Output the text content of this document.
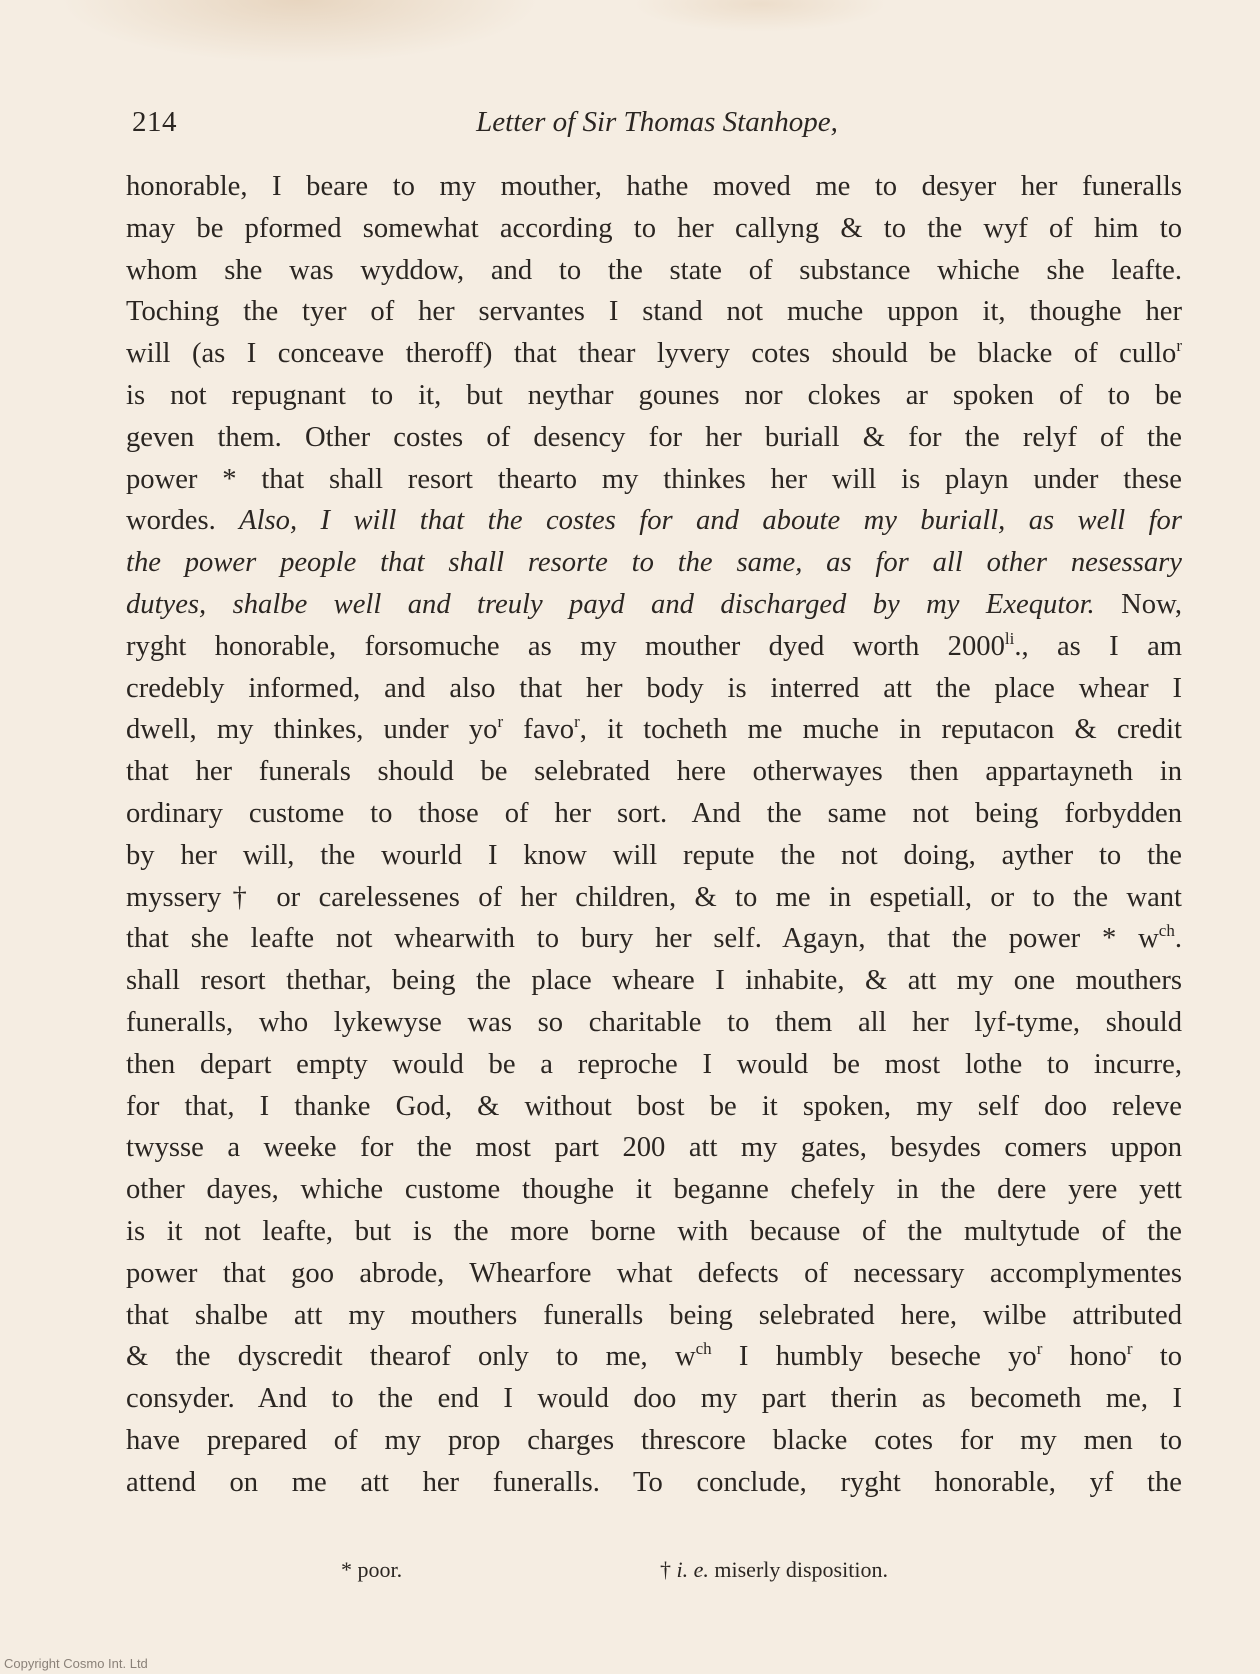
214	Letter of Sir Thomas Stanhope,
honorable, I beare to my mouther, hathe moved me to desyer her funeralls
may be pformed somewhat according to her callyng & to the wyf of him to
whom she was wyddow, and to the state of substance whiche she leafte.
Toching the tyer of her servantes I stand not muche uppon it, thoughe her
will (as I conceave theroff) that thear lyvery cotes should be blacke of cullo$^r$
is not repugnant to it, but neythar gounes nor clokes ar spoken of to be
geven them. Other costes of desency for her buriall & for the relyf of the
power * that shall resort thearto my thinkes her will is playn under these
wordes. Also, I will that the costes for and aboute my buriall, as well for
the power people that shall resorte to the same, as for all other nesessary
dutyes, shalbe well and treuly payd and discharged by my Exequtor. Now,
ryght honorable, forsomuche as my mouther dyed worth $2000^{li}$., as I am
credebly informed, and also that her body is interred att the place whear I
dwell, my thinkes, under $yo^r$ favo$^r$, it tocheth me muche in reputacon & credit
that her funerals should be selebrated here otherwayes then appartayneth in
ordinary custome to those of her sort. And the same not being forbydden
by her will, the wourld I know will repute the not doing, ayther to the
myssery† or carelessenes of her children, & to me in espetiall, or to the want
that she leafte not whearwith to bury her self. Agayn, that the power * $w^{ch}$.
shall resort thethar, being the place wheare I inhabite, & att my one mouthers
funeralls, who lykewyse was so charitable to them all her lyf-tyme, should
then depart empty would be a reproche I would be most lothe to incurre,
for that, I thanke God, & without bost be it spoken, my self doo releve
twysse a weeke for the most part 200 att my gates, besydes comers uppon
other dayes, whiche custome thoughe it beganne chefely in the dere yere yett
is it not leafte, but is the more borne with because of the multytude of the
power that goo abrode, Whearfore what defects of necessary accomplymentes
that shalbe att my mouthers funeralls being selebrated here, wilbe attributed
& the dyscredit thearof only to me, $w^{ch}$ I humbly beseche $yo^r$ hono$^r$ to
consyder. And to the end I would doo my part therin as becometh me, I
have prepared of my prop charges threscore blacke cotes for my men to
attend on me att her funeralls. To conclude, ryght honorable, yf the
* poor.	† i. e. miserly disposition.
Copyright Cosmo Int. Ltd
